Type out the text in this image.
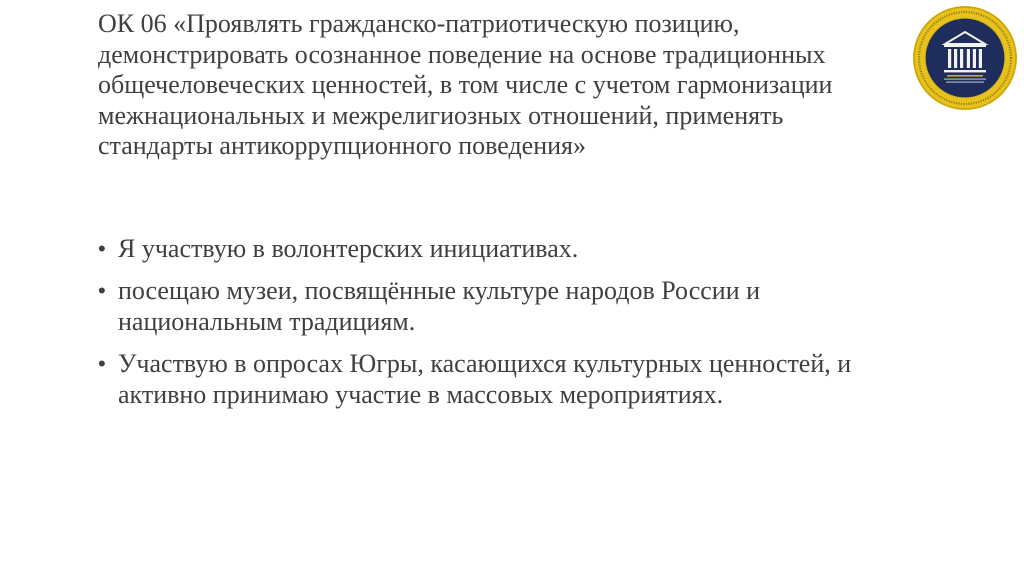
ОК 06 «Проявлять гражданско-патриотическую позицию, демонстрировать осознанное поведение на основе традиционных общечеловеческих ценностей, в том числе с учетом гармонизации межнациональных и межрелигиозных отношений, применять стандарты антикоррупционного поведения»

• Я участвую в волонтерских инициативах.
• посещаю музеи, посвящённые культуре народов России и национальным традициям.
• Участвую в опросах Югры, касающихся культурных ценностей, и активно принимаю участие в массовых мероприятиях.
